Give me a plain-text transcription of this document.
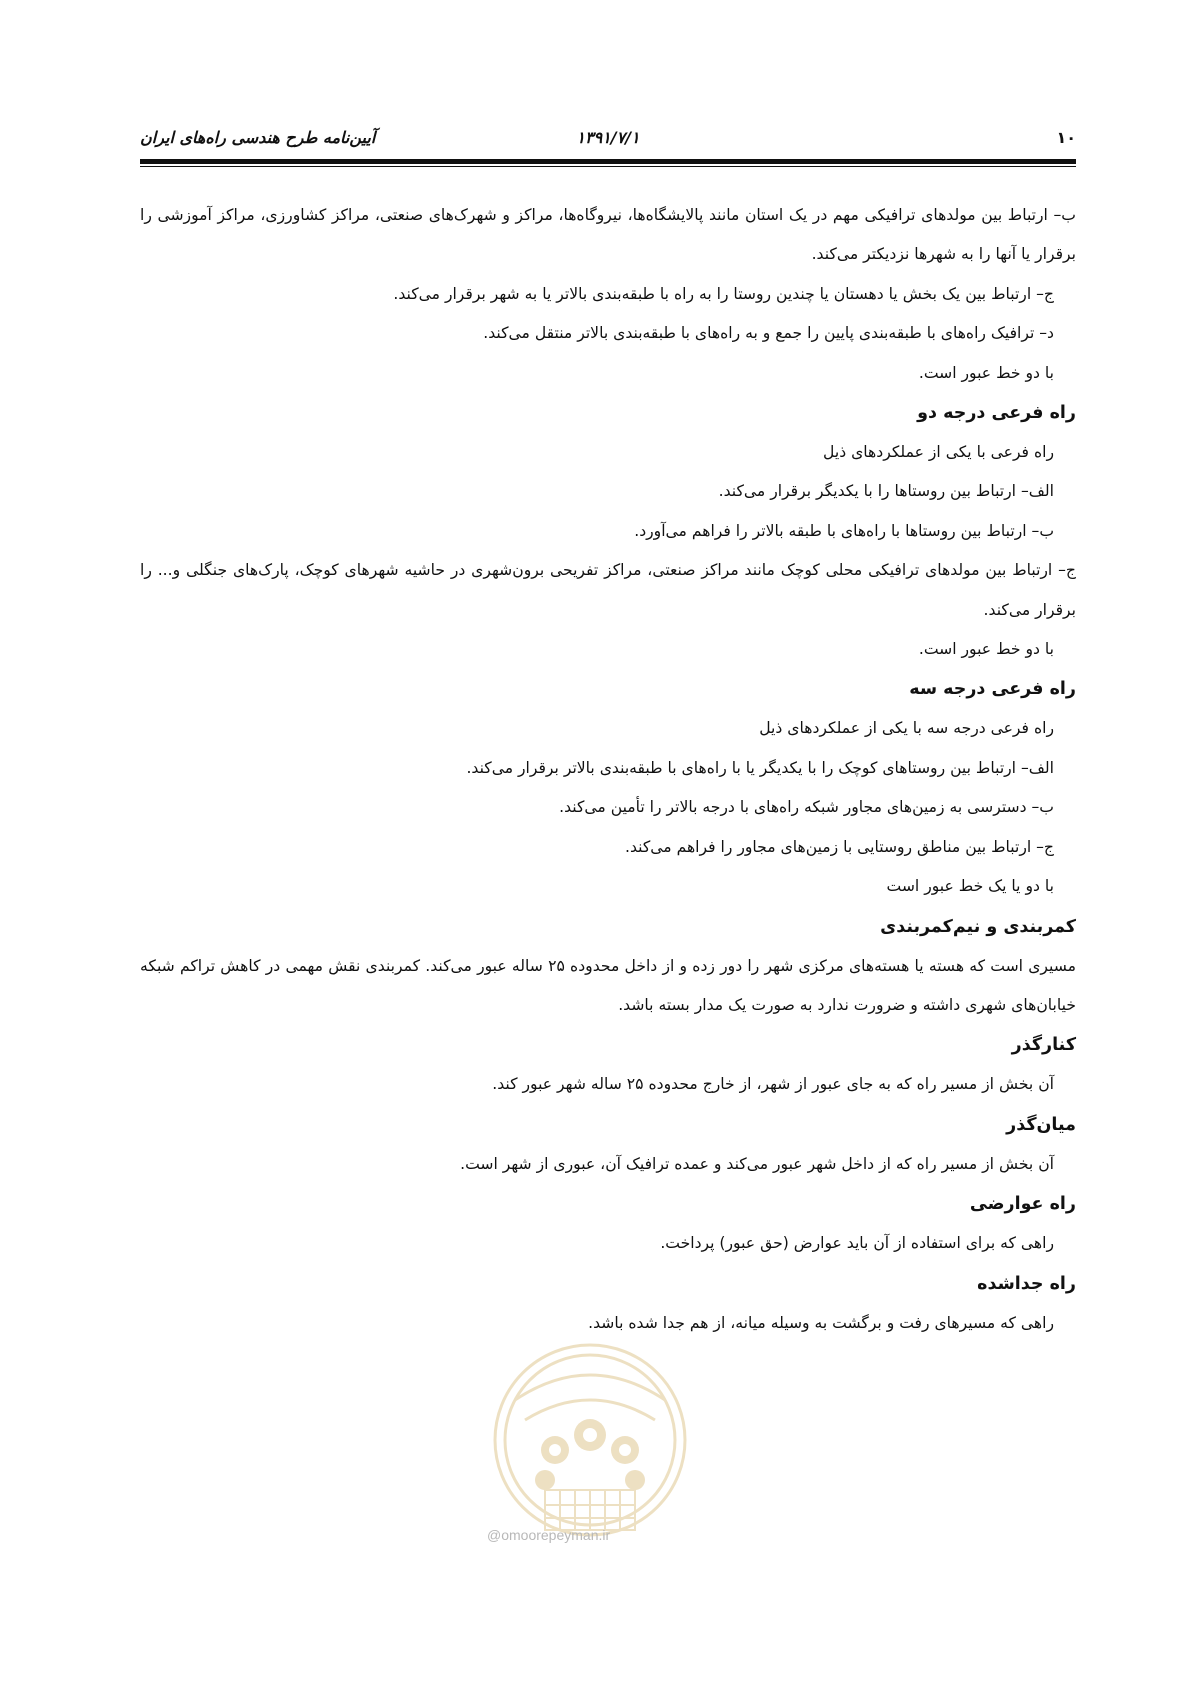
آیین‌نامه طرح هندسی راه‌های ایران	۱۳۹۱/۷/۱	۱۰

ب– ارتباط بین مولدهای ترافیکی مهم در یک استان مانند پالایشگاه‌ها، نیروگاه‌ها، مراکز و شهرک‌های صنعتی، مراکز کشاورزی، مراکز آموزشی را برقرار یا آنها را به شهرها نزدیکتر می‌کند.

ج– ارتباط بین یک بخش یا دهستان یا چندین روستا را به راه با طبقه‌بندی بالاتر یا به شهر برقرار می‌کند.

د– ترافیک راه‌های با طبقه‌بندی پایین را جمع و به راه‌های با طبقه‌بندی بالاتر منتقل می‌کند.

با دو خط عبور است.

راه فرعی درجه دو

راه فرعی با یکی از عملکردهای ذیل

الف– ارتباط بین روستاها را با یکدیگر برقرار می‌کند.

ب– ارتباط بین روستاها با راه‌های با طبقه بالاتر را فراهم می‌آورد.

ج– ارتباط بین مولدهای ترافیکی محلی کوچک مانند مراکز صنعتی، مراکز تفریحی برون‌شهری در حاشیه شهرهای کوچک، پارک‌های جنگلی و... را برقرار می‌کند.

با دو خط عبور است.

راه فرعی درجه سه

راه فرعی درجه سه با یکی از عملکردهای ذیل

الف– ارتباط بین روستاهای کوچک را با یکدیگر یا با راه‌های با طبقه‌بندی بالاتر برقرار می‌کند.

ب– دسترسی به زمین‌های مجاور شبکه راه‌های با درجه بالاتر را تأمین می‌کند.

ج– ارتباط بین مناطق روستایی با زمین‌های مجاور را فراهم می‌کند.

با دو یا یک خط عبور است

کمربندی و نیم‌کمربندی

مسیری است که هسته یا هسته‌های مرکزی شهر را دور زده و از داخل محدوده ۲۵ ساله عبور می‌کند. کمربندی نقش مهمی در کاهش تراکم شبکه خیابان‌های شهری داشته و ضرورت ندارد به صورت یک مدار بسته باشد.

کنارگذر

آن بخش از مسیر راه که به جای عبور از شهر، از خارج محدوده ۲۵ ساله شهر عبور کند.

میان‌گذر

آن بخش از مسیر راه که از داخل شهر عبور می‌کند و عمده ترافیک آن، عبوری از شهر است.

راه عوارضی

راهی که برای استفاده از آن باید عوارض (حق عبور) پرداخت.

راه جداشده

راهی که مسیرهای رفت و برگشت به وسیله میانه، از هم جدا شده باشد.

@omoorepeyman.ir
